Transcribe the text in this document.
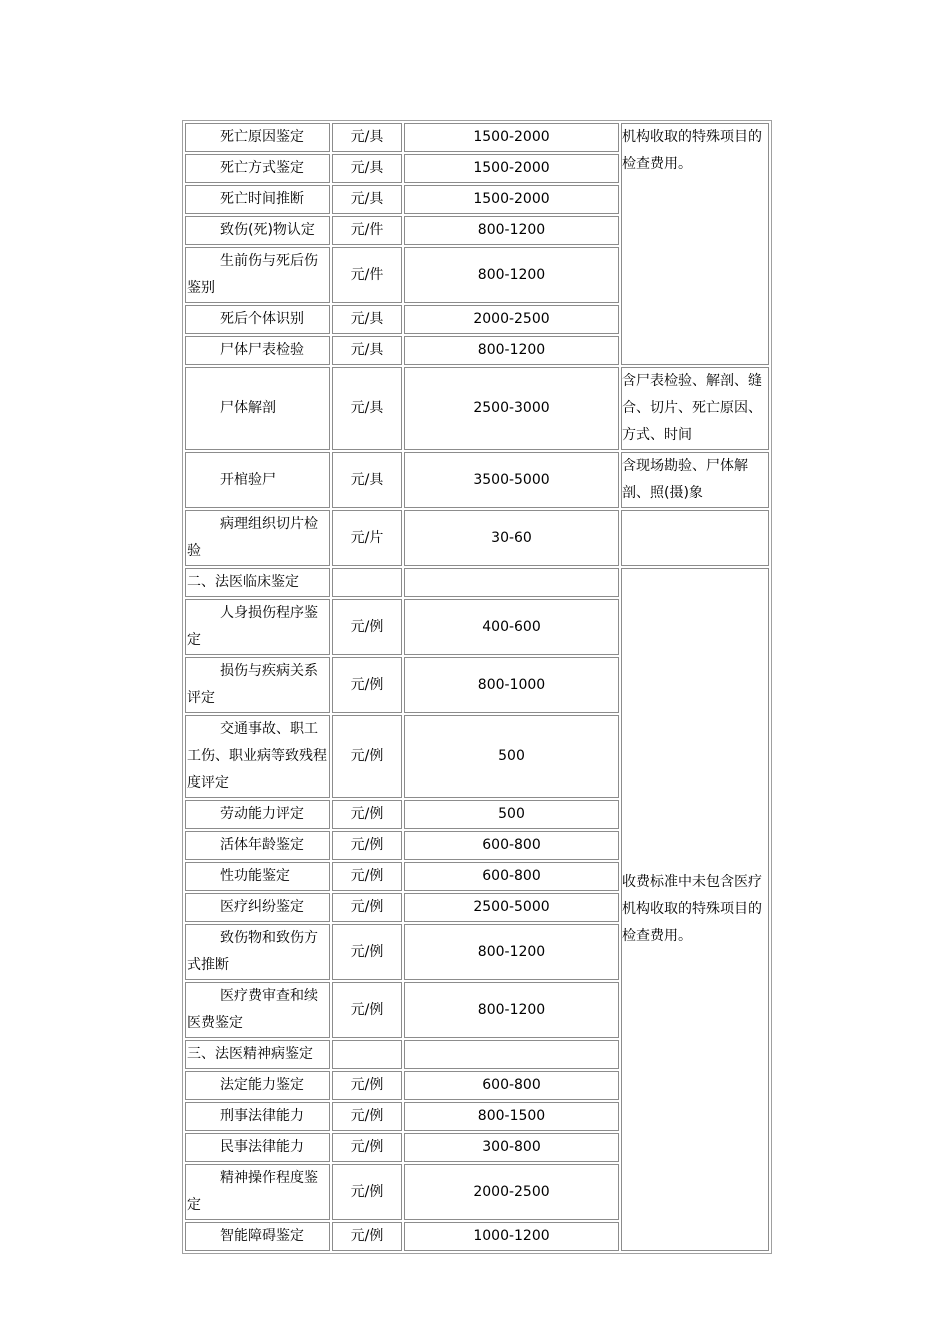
死亡原因鉴定	元/具	1500-2000	机构收取的特殊项目的检查费用。
死亡方式鉴定	元/具	1500-2000	
死亡时间推断	元/具	1500-2000	
致伤(死)物认定	元/件	800-1200	
生前伤与死后伤鉴别	元/件	800-1200	
死后个体识别	元/具	2000-2500	
尸体尸表检验	元/具	800-1200	
尸体解剖	元/具	2500-3000	含尸表检验、解剖、缝合、切片、死亡原因、方式、时间
开棺验尸	元/具	3500-5000	含现场勘验、尸体解剖、照(摄)象
病理组织切片检验	元/片	30-60	
二、法医临床鉴定			收费标准中未包含医疗机构收取的特殊项目的检查费用。
人身损伤程序鉴定	元/例	400-600	
损伤与疾病关系评定	元/例	800-1000	
交通事故、职工工伤、职业病等致残程度评定	元/例	500	
劳动能力评定	元/例	500	
活体年龄鉴定	元/例	600-800	
性功能鉴定	元/例	600-800	
医疗纠纷鉴定	元/例	2500-5000	
致伤物和致伤方式推断	元/例	800-1200	
医疗费审查和续医费鉴定	元/例	800-1200	
三、法医精神病鉴定			
法定能力鉴定	元/例	600-800	
刑事法律能力	元/例	800-1500	
民事法律能力	元/例	300-800	
精神操作程度鉴定	元/例	2000-2500	
智能障碍鉴定	元/例	1000-1200	
